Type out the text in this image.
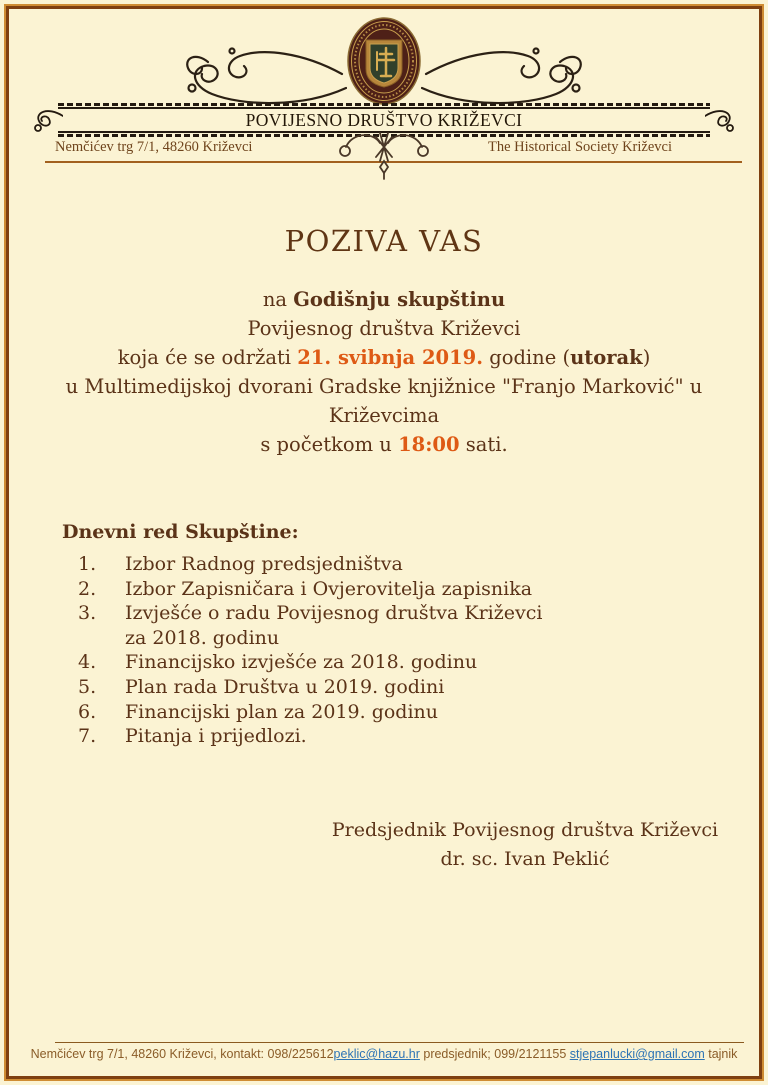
POVIJESNO DRUŠTVO KRIŽEVCI
Nemčićev trg 7/1, 48260 Križevci	The Historical Society Križevci
POZIVA VAS
na Godišnju skupštinu
Povijesnog društva Križevci
koja će se održati 21. svibnja 2019. godine (utorak)
u Multimedijskoj dvorani Gradske knjižnice "Franjo Marković" u
Križevcima
s početkom u 18:00 sati.
Dnevni red Skupštine:
1.	Izbor Radnog predsjedništva
2.	Izbor Zapisničara i Ovjerovitelja zapisnika
3.	Izvješće o radu Povijesnog društva Križevci
za 2018. godinu
4.	Financijsko izvješće za 2018. godinu
5.	Plan rada Društva u 2019. godini
6.	Financijski plan za 2019. godinu
7.	Pitanja i prijedlozi.
Predsjednik Povijesnog društva Križevci
dr. sc. Ivan Peklić
Nemčićev trg 7/1, 48260 Križevci, kontakt: 098/225612peklic@hazu.hr predsjednik; 099/2121155 stjepanlucki@gmail.com tajnik
